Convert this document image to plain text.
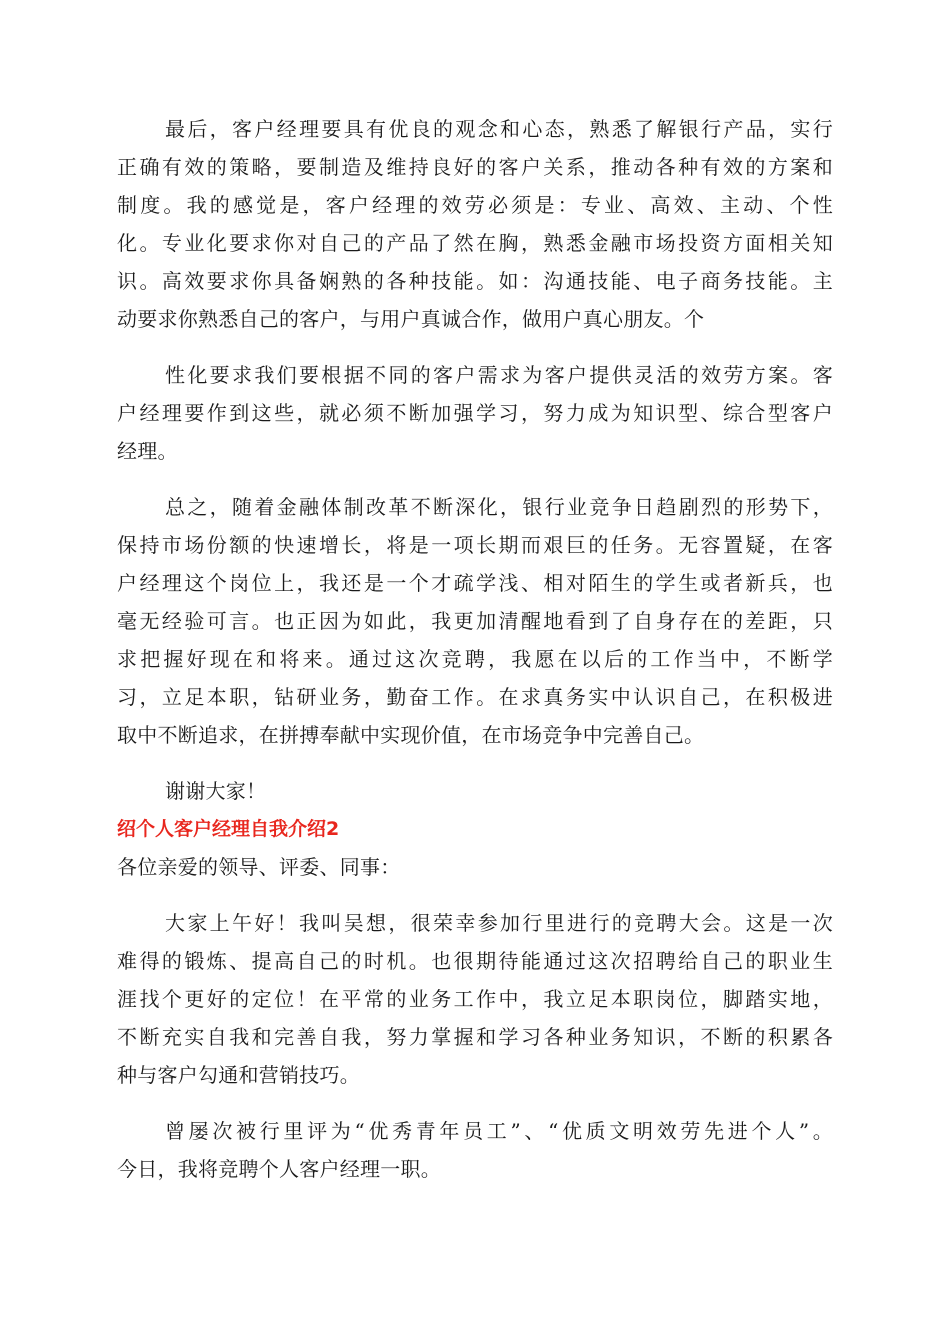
最后，客户经理要具有优良的观念和心态，熟悉了解银行产品，实行
正确有效的策略，要制造及维持良好的客户关系，推动各种有效的方案和
制度。我的感觉是，客户经理的效劳必须是：专业、高效、主动、个性
化。专业化要求你对自己的产品了然在胸，熟悉金融市场投资方面相关知
识。高效要求你具备娴熟的各种技能。如：沟通技能、电子商务技能。主
动要求你熟悉自己的客户，与用户真诚合作，做用户真心朋友。个

性化要求我们要根据不同的客户需求为客户提供灵活的效劳方案。客
户经理要作到这些，就必须不断加强学习，努力成为知识型、综合型客户
经理。

总之，随着金融体制改革不断深化，银行业竞争日趋剧烈的形势下，
保持市场份额的快速增长，将是一项长期而艰巨的任务。无容置疑，在客
户经理这个岗位上，我还是一个才疏学浅、相对陌生的学生或者新兵，也
毫无经验可言。也正因为如此，我更加清醒地看到了自身存在的差距，只
求把握好现在和将来。通过这次竞聘，我愿在以后的工作当中，不断学
习，立足本职，钻研业务，勤奋工作。在求真务实中认识自己，在积极进
取中不断追求，在拼搏奉献中实现价值，在市场竞争中完善自己。

谢谢大家！

绍个人客户经理自我介绍2

各位亲爱的领导、评委、同事：

大家上午好！我叫吴想，很荣幸参加行里进行的竞聘大会。这是一次
难得的锻炼、提高自己的时机。也很期待能通过这次招聘给自己的职业生
涯找个更好的定位！在平常的业务工作中，我立足本职岗位，脚踏实地，
不断充实自我和完善自我，努力掌握和学习各种业务知识，不断的积累各
种与客户勾通和营销技巧。

曾屡次被行里评为“优秀青年员工”、“优质文明效劳先进个人”。
今日，我将竞聘个人客户经理一职。
